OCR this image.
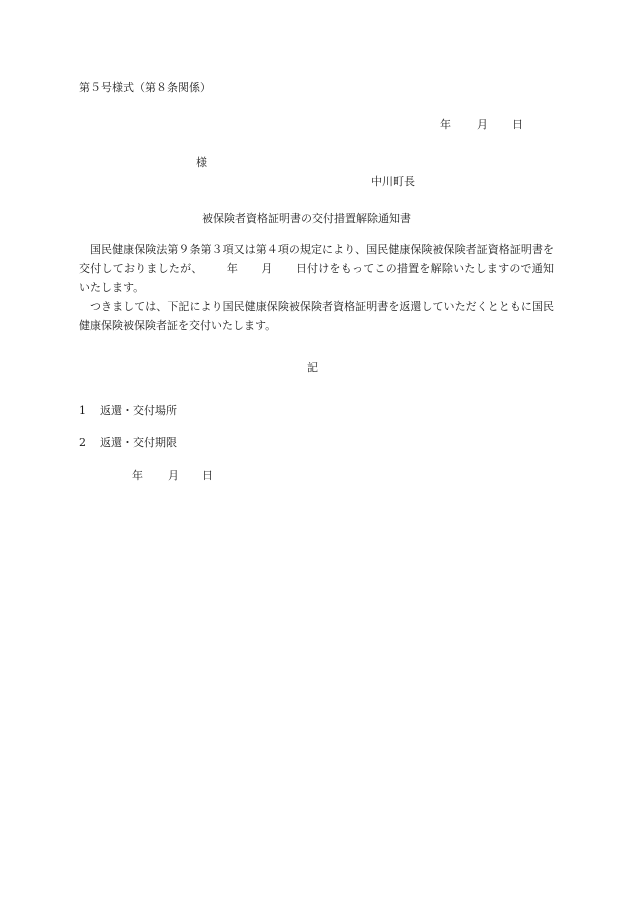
第５号様式（第８条関係）
年 月 日
様
中川町長
被保険者資格証明書の交付措置解除通知書
国民健康保険法第９条第３項又は第４項の規定により、国民健康保険被保険者証資格証明書を交付しておりましたが、 年 月 日付けをもってこの措置を解除いたしますので通知いたします。
つきましては、下記により国民健康保険被保険者資格証明書を返還していただくとともに国民健康保険被保険者証を交付いたします。
記
1 返還・交付場所
2 返還・交付期限
年 月 日
